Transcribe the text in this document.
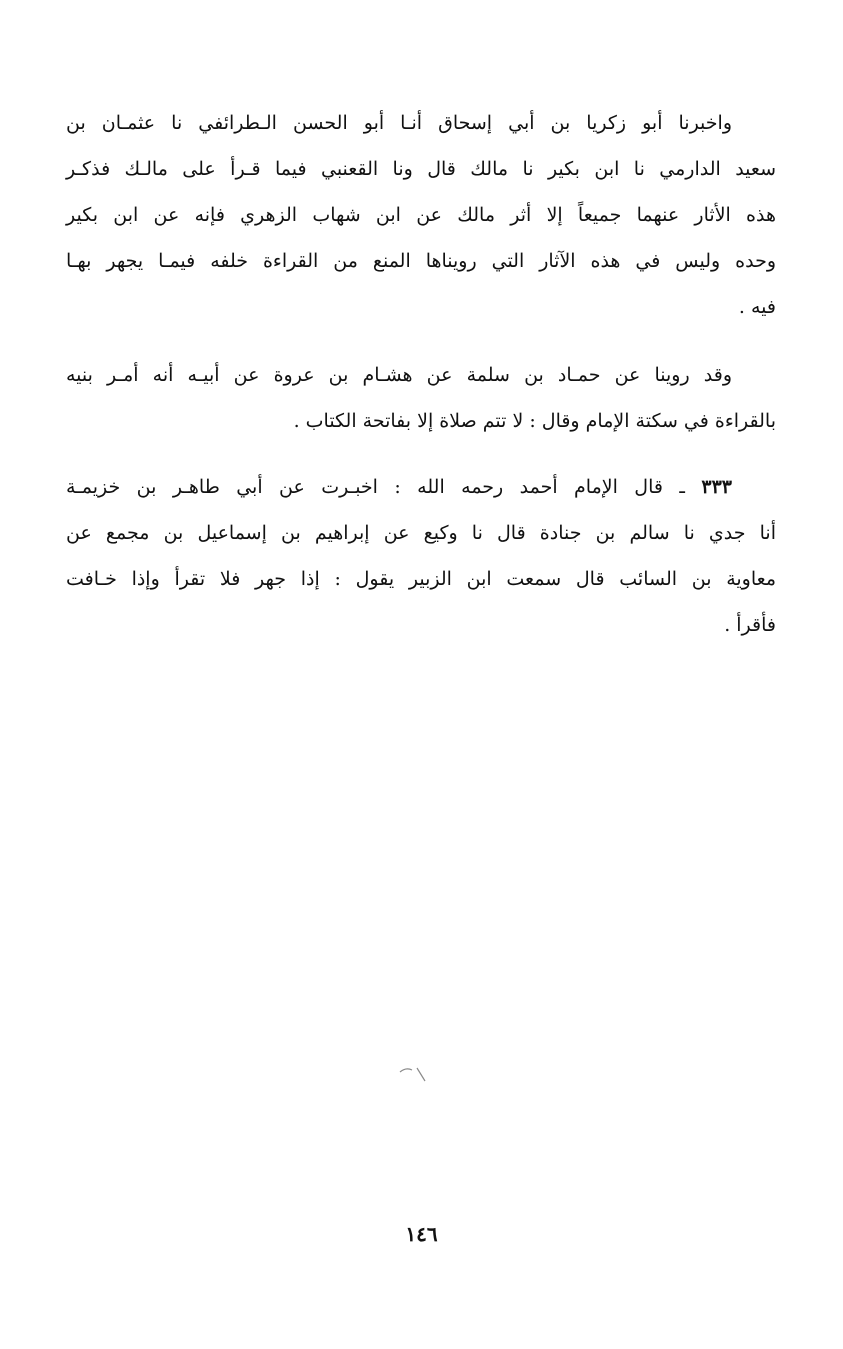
واخبرنا أبو زكريا بن أبي إسحاق أنـا أبو الحسن الـطرائفي نا عثمـان بن
سعيد الدارمي نا ابن بكير نا مالك قال ونا القعنبي فيما قـرأ على مالـك فذكـر
هذه الأثار عنهما جميعاً إلا أثر مالك عن ابن شهاب الزهري فإنه عن ابن بكير
وحده وليس في هذه الآثار التي رويناها المنع من القراءة خلفه فيمـا يجهر بهـا
فيه .
وقد روينا عن حمـاد بن سلمة عن هشـام بن عروة عن أبيـه أنه أمـر بنيه
بالقراءة في سكتة الإمام وقال : لا تتم صلاة إلا بفاتحة الكتاب .
٣٣٣ ـ قال الإمام أحمد رحمه الله : اخبـرت عن أبي طاهـر بن خزيمـة
أنا جدي نا سالم بن جنادة قال نا وكيع عن إبراهيم بن إسماعيل بن مجمع عن
معاوية بن السائب قال سمعت ابن الزبير يقول : إذا جهر فلا تقرأ وإذا خـافت
فأقرأ .
١٤٦
